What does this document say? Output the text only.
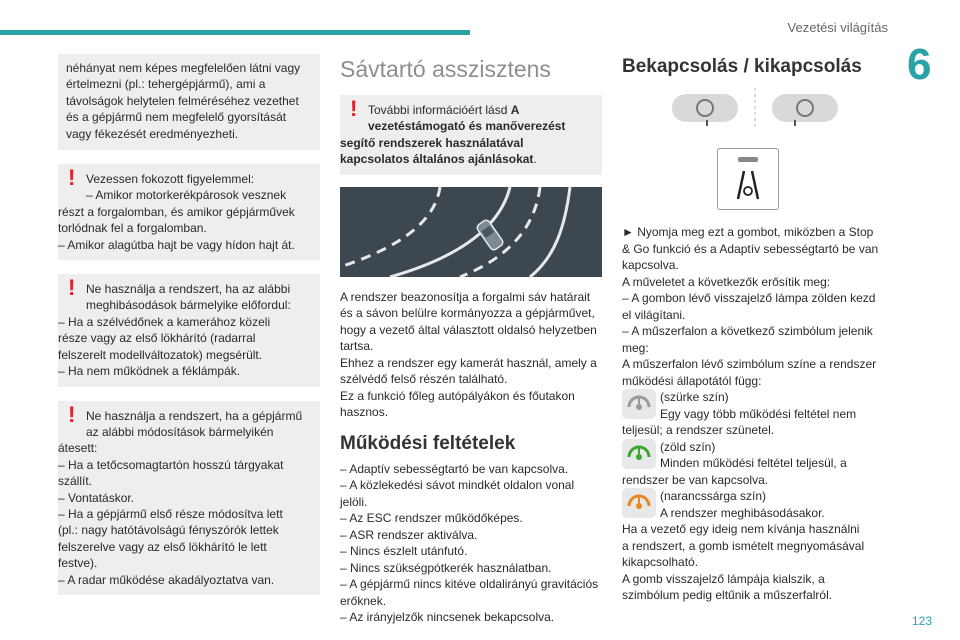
Vezetési világítás
6
123
néhányat nem képes megfelelően látni vagy
értelmezni (pl.: tehergépjármű), ami a
távolságok helytelen felméréséhez vezethet
és a gépjármű nem megfelelő gyorsítását
vagy fékezését eredményezheti.
! Vezessen fokozott figyelemmel:
– Amikor motorkerékpárosok vesznek
részt a forgalomban, és amikor gépjárművek
torlódnak fel a forgalomban.
– Amikor alagútba hajt be vagy hídon hajt át.
! Ne használja a rendszert, ha az alábbi
meghibásodások bármelyike előfordul:
– Ha a szélvédőnek a kamerához közeli
része vagy az első lökhárító (radarral
felszerelt modellváltozatok) megsérült.
– Ha nem működnek a féklámpák.
! Ne használja a rendszert, ha a gépjármű
az alábbi módosítások bármelyikén
átesett:
– Ha a tetőcsomagtartón hosszú tárgyakat
szállít.
– Vontatáskor.
– Ha a gépjármű első része módosítva lett
(pl.: nagy hatótávolságú fényszórók lettek
felszerelve vagy az első lökhárító le lett
festve).
– A radar működése akadályoztatva van.
Sávtartó asszisztens
! További információért lásd A
vezetéstámogató és manőverezést
segítő rendszerek használatával
kapcsolatos általános ajánlásokat.
A rendszer beazonosítja a forgalmi sáv határait
és a sávon belülre kormányozza a gépjárművet,
hogy a vezető által választott oldalsó helyzetben
tartsa.
Ehhez a rendszer egy kamerát használ, amely a
szélvédő felső részén található.
Ez a funkció főleg autópályákon és főutakon
hasznos.
Működési feltételek
– Adaptív sebességtartó be van kapcsolva.
– A közlekedési sávot mindkét oldalon vonal
jelöli.
– Az ESC rendszer működőképes.
– ASR rendszer aktiválva.
– Nincs észlelt utánfutó.
– Nincs szükségpótkerék használatban.
– A gépjármű nincs kitéve oldalirányú gravitációs
erőknek.
– Az irányjelzők nincsenek bekapcsolva.
Bekapcsolás / kikapcsolás
► Nyomja meg ezt a gombot, miközben a Stop
& Go funkció és a Adaptív sebességtartó be van
kapcsolva.
A műveletet a következők erősítik meg:
– A gombon lévő visszajelző lámpa zölden kezd
el világítani.
– A műszerfalon a következő szimbólum jelenik
meg:
A műszerfalon lévő szimbólum színe a rendszer
működési állapotától függ:
(szürke szín)
Egy vagy több működési feltétel nem
teljesül; a rendszer szünetel.
(zöld szín)
Minden működési feltétel teljesül, a
rendszer be van kapcsolva.
(narancssárga szín)
A rendszer meghibásodásakor.
Ha a vezető egy ideig nem kívánja használni
a rendszert, a gomb ismételt megnyomásával
kikapcsolható.
A gomb visszajelző lámpája kialszik, a
szimbólum pedig eltűnik a műszerfalról.
